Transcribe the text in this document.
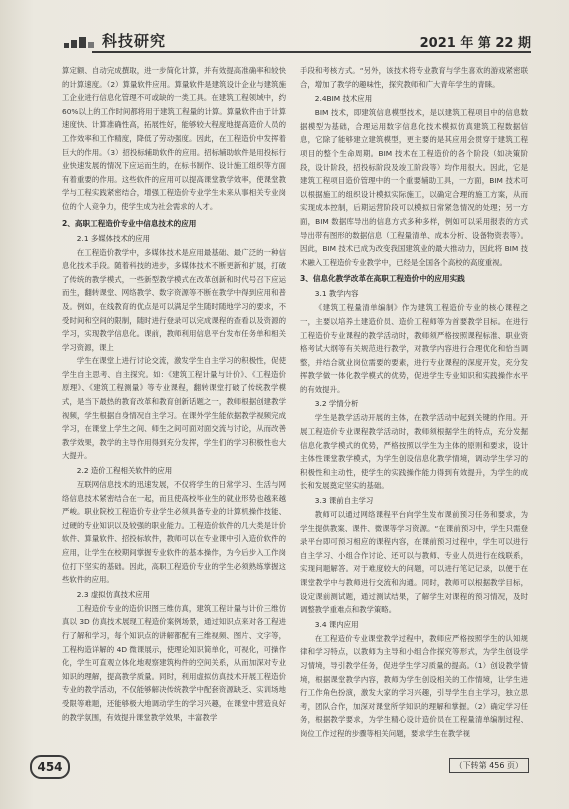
科技研究	2021 年 第 22 期

算定额、自动完成撰取，进一步简化计算，并有效提高准确率和较快的计算速度。（2）算量软件应用。算量软件是建筑设计企业与建筑施工企业进行信息化管理不可或缺的一类工具。在建筑工程领域中，约 60%以上的工作时间都将用于建筑工程量的计算。算量软件由于计算速度快、计算准确性高，拓展性好，能够较大程度地提高造价人员的工作效率和工作精度，降低了劳动强度。因此，在工程造价中发挥着巨大的作用。（3）招投标辅助软件的应用。招标辅助软件是用投标行业快速发展的情况下应运而生的，在标书制作、设计施工组织等方面有着重要的作用。这些软件的应用可以提高课堂教学效率，使课堂教学与工程实践紧密结合，增强工程造价专业学生未来从事相关专业岗位的个人竞争力，使学生成为社会需求的人才。

2、高职工程造价专业中信息技术的应用
2.1 多媒体技术的应用

在工程造价教学中，多媒体技术是应用最基础、最广泛的一种信息化技术手段。随着科技的进步，多媒体技术不断更新和扩展，打破了传统的教学模式，一些新型教学模式在改革创新和时代号召下应运而生，翻转课堂、网络教学、数字资源等不断在教学中得到应用和普及。例如，在线教育的优点是可以满足学生随时随地学习的要求，不受时间和空间的限制，随时进行登录可以完成课程的查看以及资源的学习，实现教学信息化。课前，教师利用信息平台发布任务单和相关学习资源，课上

学生在课堂上进行讨论交流，激发学生自主学习的积极性，促使学生自主思考、自主探究。如：《建筑工程计量与计价》、《工程造价原理》、《建筑工程测量》等专业课程，翻转课堂打破了传统教学模式，是当下最热的教育改革和教育创新话题之一，教师根据创建教学视频，学生根据自身情况自主学习。在课外学生能依据教学视频完成学习，在课堂上学生之间、师生之间可面对面交流与讨论，从而改善教学效果，教学的主导作用得到充分发挥，学生们的学习积极性也大大提升。

2.2 造价工程相关软件的应用

互联网信息技术的迅速发展，不仅将学生的日常学习、生活与网络信息技术紧密结合在一起，而且使高校毕业生的就业形势也越来越严峻。职业院校工程造价专业学生必须具备专业的计算机操作技能、过硬的专业知识以及较强的职业能力。工程造价软件的几大类是计价软件、算量软件、招投标软件，教师可以在专业课中引入造价软件的应用，让学生在校期间掌握专业软件的基本操作，为今后步入工作岗位打下坚实的基础。因此，高职工程造价专业的学生必须熟练掌握这些软件的应用。

2.3 虚拟仿真技术应用

工程造价专业的造价识图三维仿真，建筑工程计量与计价三维仿真以 3D 仿真技术展现工程造价案例场景，通过知识点来对各工程进行了解和学习，每个知识点的讲解都配有三维视频、图片、文字等，工程构造详解的 4D 微课展示，使理论知识简单化，可视化，可操作化，学生可直观立体化地观察建筑构件的空间关系，从而加深对专业知识的理解，提高教学质量。同时，利用虚拟仿真技术开展工程造价专业的教学活动，不仅能够解决传统教学中配套资源缺乏、实训场地受限等难题，还能够极大地调动学生的学习兴趣，在课堂中营造良好的教学氛围，有效提升课堂教学效果，丰富教学

手段和考核方式。“另外，该技术将专业教育与学生喜欢的游戏紧密联合，增加了教学的趣味性，探究教师和广大青年学生的青睐。

2.4BIM 技术应用

BIM 技术，即建筑信息模型技术，是以建筑工程项目中的信息数据模型为基础，合理运用数字信息化技术模拟仿真建筑工程数据信息，它除了能够建立建筑模型，更主要的是其应用会贯穿于建筑工程项目的整个生命周期。BIM 技术在工程造价的各个阶段（如决策阶段，设计阶段，招投标阶段及竣工阶段等）均作用很大。因此，它是建筑工程项目造价管理中的一个重要辅助工具，一方面，BIM 技术可以根据施工的组织设计模拟实际施工，以确定合理的施工方案，从而实现成本控制，后期运营阶段可以模拟日常紧急情况的处理；另一方面，BIM 数据库导出的信息方式多种多样，例如可以采用报表的方式导出带有图形的数据信息（工程量清单、成本分析、设备物资表等）。因此，BIM 技术已成为改变我国建筑业的最大推动力，因此将 BIM 技术融入工程造价专业教学中，已经是全国各个高校的高度重视。

3、信息化教学改革在高职工程造价中的应用实践
3.1 教学内容

《建筑工程量清单编制》作为建筑工程造价专业的核心课程之一，主要以培养土建造价员、造价工程师等为首要教学目标。在进行工程造价专业课程的教学活动时，教师须严格按照课程标准、职业资格考试大纲等有关规范进行教学，对教学内容进行合理优化和恰当调整，并结合就业岗位需要的要素，进行专业课程的深度开发，充分发挥教学做一体化教学模式的优势，促进学生专业知识和实践操作水平的有效提升。

3.2 学情分析

学生是教学活动开展的主体，在教学活动中起到关键的作用。开展工程造价专业课程教学活动时，教师须根据学生的特点，充分发掘信息化教学模式的优势，严格按照以学生为主体的原则和要求，设计主体性课堂教学模式，为学生创设信息化教学情境，调动学生学习的积极性和主动性，使学生的实践操作能力得到有效提升，为学生的成长和发展奠定坚实的基础。

3.3 课前自主学习

教师可以通过网络课程平台向学生发布课前预习任务和要求，为学生提供教案、课件、微课等学习资源。“在课前预习中，学生只需登录平台即可预习相应的课程内容，在课前预习过程中，学生可以进行自主学习、小组合作讨论、还可以与教师、专业人员进行在线联系，实现问题解答。对于难度较大的问题，可以进行笔记记录，以便于在课堂教学中与教师进行交流和沟通。同时，教师可以根据教学目标，设定课前测试题，通过测试结果，了解学生对课程的预习情况，及时调整教学重难点和教学策略。

3.4 课内应用

在工程造价专业课堂教学过程中，教师应严格按照学生的认知规律和学习特点，以教师为主导和小组合作探究等形式，为学生创设学习情境，导引教学任务，促进学生学习质量的提高。（1）创设教学情境，根据课堂教学内容，教师为学生创设相关的工作情境，让学生进行工作角色扮演，激发大家的学习兴趣，引导学生自主学习，独立思考，团队合作，加深对课堂所学知识的理解和掌握。（2）确定学习任务，根据教学要求，为学生精心设计造价员在工程量清单编制过程、岗位工作过程的步骤等相关问题，要求学生在教学视

454	（下转第 456 页）
